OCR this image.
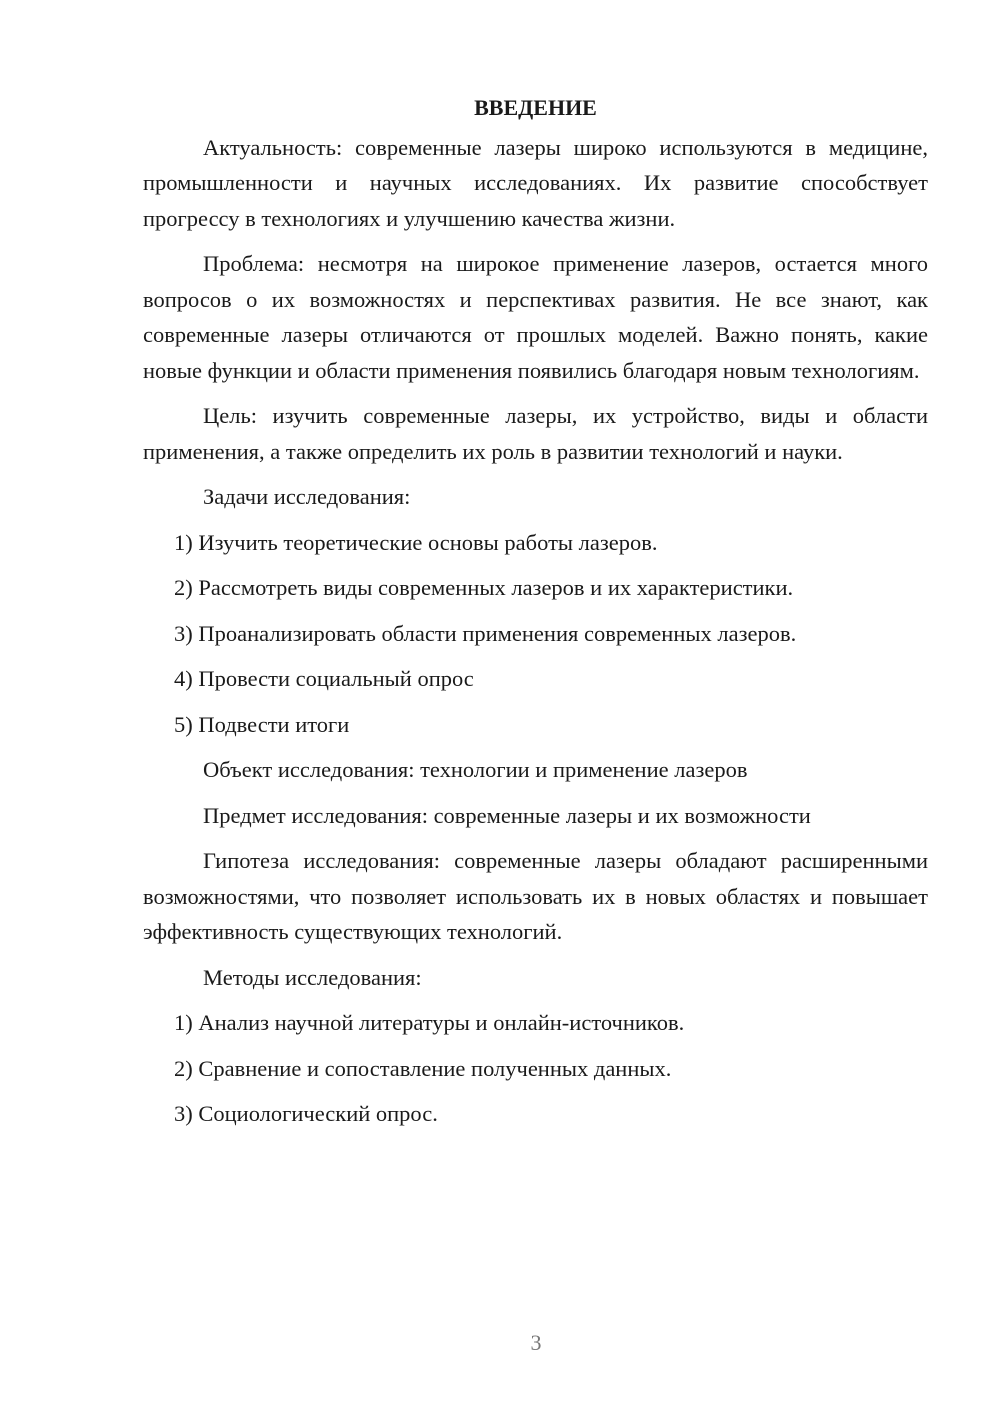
ВВЕДЕНИЕ

Актуальность: современные лазеры широко используются в медицине, промышленности и научных исследованиях. Их развитие способствует прогрессу в технологиях и улучшению качества жизни.

Проблема: несмотря на широкое применение лазеров, остается много вопросов о их возможностях и перспективах развития. Не все знают, как современные лазеры отличаются от прошлых моделей. Важно понять, какие новые функции и области применения появились благодаря новым технологиям.

Цель: изучить современные лазеры, их устройство, виды и области применения, а также определить их роль в развитии технологий и науки.

Задачи исследования:

1) Изучить теоретические основы работы лазеров.

2) Рассмотреть виды современных лазеров и их характеристики.

3) Проанализировать области применения современных лазеров.

4) Провести социальный опрос

5) Подвести итоги

Объект исследования: технологии и применение лазеров

Предмет исследования: современные лазеры и их возможности

Гипотеза исследования: современные лазеры обладают расширенными возможностями, что позволяет использовать их в новых областях и повышает эффективность существующих технологий.

Методы исследования:

1) Анализ научной литературы и онлайн-источников.

2) Сравнение и сопоставление полученных данных.

3) Социологический опрос.

3
